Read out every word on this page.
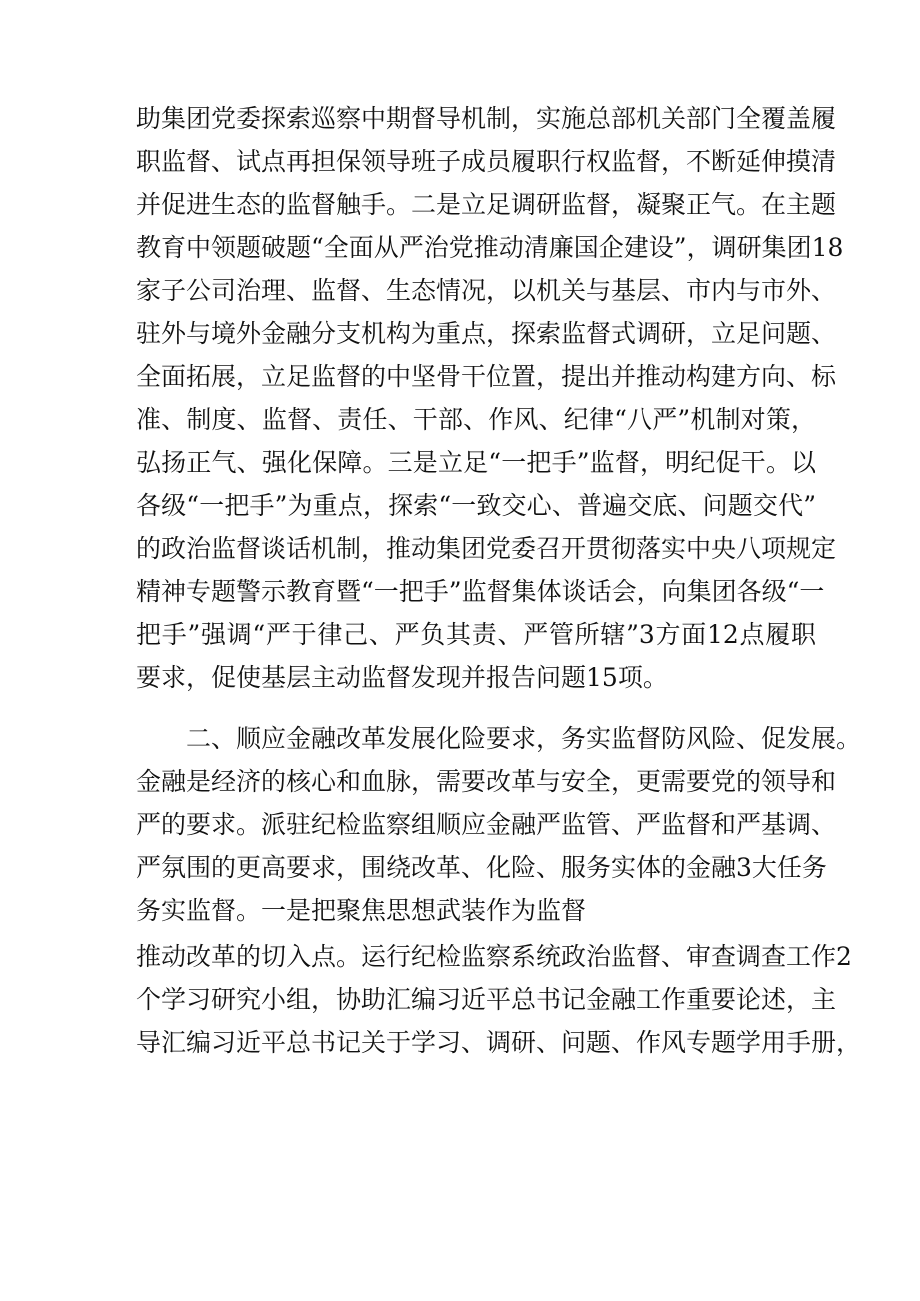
助集团党委探索巡察中期督导机制，实施总部机关部门全覆盖履
职监督、试点再担保领导班子成员履职行权监督，不断延伸摸清
并促进生态的监督触手。二是立足调研监督，凝聚正气。在主题
教育中领题破题“全面从严治党推动清廉国企建设”，调研集团18
家子公司治理、监督、生态情况，以机关与基层、市内与市外、
驻外与境外金融分支机构为重点，探索监督式调研，立足问题、
全面拓展，立足监督的中坚骨干位置，提出并推动构建方向、标
准、制度、监督、责任、干部、作风、纪律“八严”机制对策，
弘扬正气、强化保障。三是立足“一把手”监督，明纪促干。以
各级“一把手”为重点，探索“一致交心、普遍交底、问题交代”
的政治监督谈话机制，推动集团党委召开贯彻落实中央八项规定
精神专题警示教育暨“一把手”监督集体谈话会，向集团各级“一
把手”强调“严于律己、严负其责、严管所辖”3方面12点履职
要求，促使基层主动监督发现并报告问题15项。
　　二、顺应金融改革发展化险要求，务实监督防风险、促发展。
金融是经济的核心和血脉，需要改革与安全，更需要党的领导和
严的要求。派驻纪检监察组顺应金融严监管、严监督和严基调、
严氛围的更高要求，围绕改革、化险、服务实体的金融3大任务
务实监督。一是把聚焦思想武装作为监督
推动改革的切入点。运行纪检监察系统政治监督、审查调查工作2
个学习研究小组，协助汇编习近平总书记金融工作重要论述，主
导汇编习近平总书记关于学习、调研、问题、作风专题学用手册，
